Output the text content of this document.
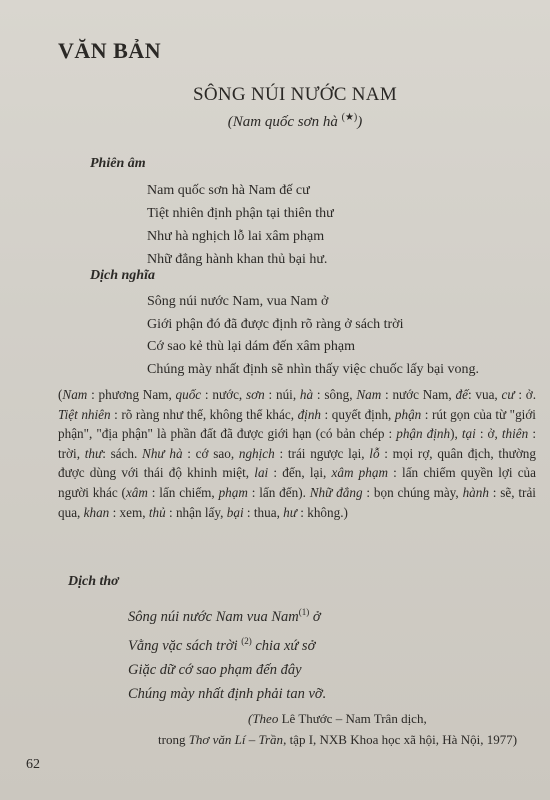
VĂN BẢN
SÔNG NÚI NƯỚC NAM
(Nam quốc sơn hà (★))
Phiên âm
Nam quốc sơn hà Nam đế cư
Tiệt nhiên định phận tại thiên thư
Như hà nghịch lỗ lai xâm phạm
Nhữ đẳng hành khan thủ bại hư.
Dịch nghĩa
Sông núi nước Nam, vua Nam ở
Giới phận đó đã được định rõ ràng ở sách trời
Cớ sao kẻ thù lại dám đến xâm phạm
Chúng mày nhất định sẽ nhìn thấy việc chuốc lấy bại vong.
(Nam : phương Nam, quốc : nước, sơn : núi, hà : sông, Nam : nước Nam, đế: vua, cư : ở. Tiệt nhiên : rõ ràng như thế, không thể khác, định : quyết định, phận : rút gọn của từ "giới phận", "địa phận" là phần đất đã được giới hạn (có bản chép : phận định), tại : ở, thiên : trời, thư: sách. Như hà : cớ sao, nghịch : trái ngược lại, lỗ : mọi rợ, quân địch, thường được dùng với thái độ khinh miệt, lai : đến, lại, xâm phạm : lấn chiếm quyền lợi của người khác (xâm : lấn chiếm, phạm : lấn đến). Nhữ đẳng : bọn chúng mày, hành : sẽ, trải qua, khan : xem, thủ : nhận lấy, bại : thua, hư : không.)
Dịch thơ
Sông núi nước Nam vua Nam$^{(1)}$ ở
Vằng vặc sách trời $^{(2)}$ chia xứ sở
Giặc dữ cớ sao phạm đến đây
Chúng mày nhất định phải tan vỡ.
(Theo Lê Thước – Nam Trân dịch,
trong Thơ văn Lí – Trần, tập I, NXB Khoa học xã hội, Hà Nội, 1977)
62
